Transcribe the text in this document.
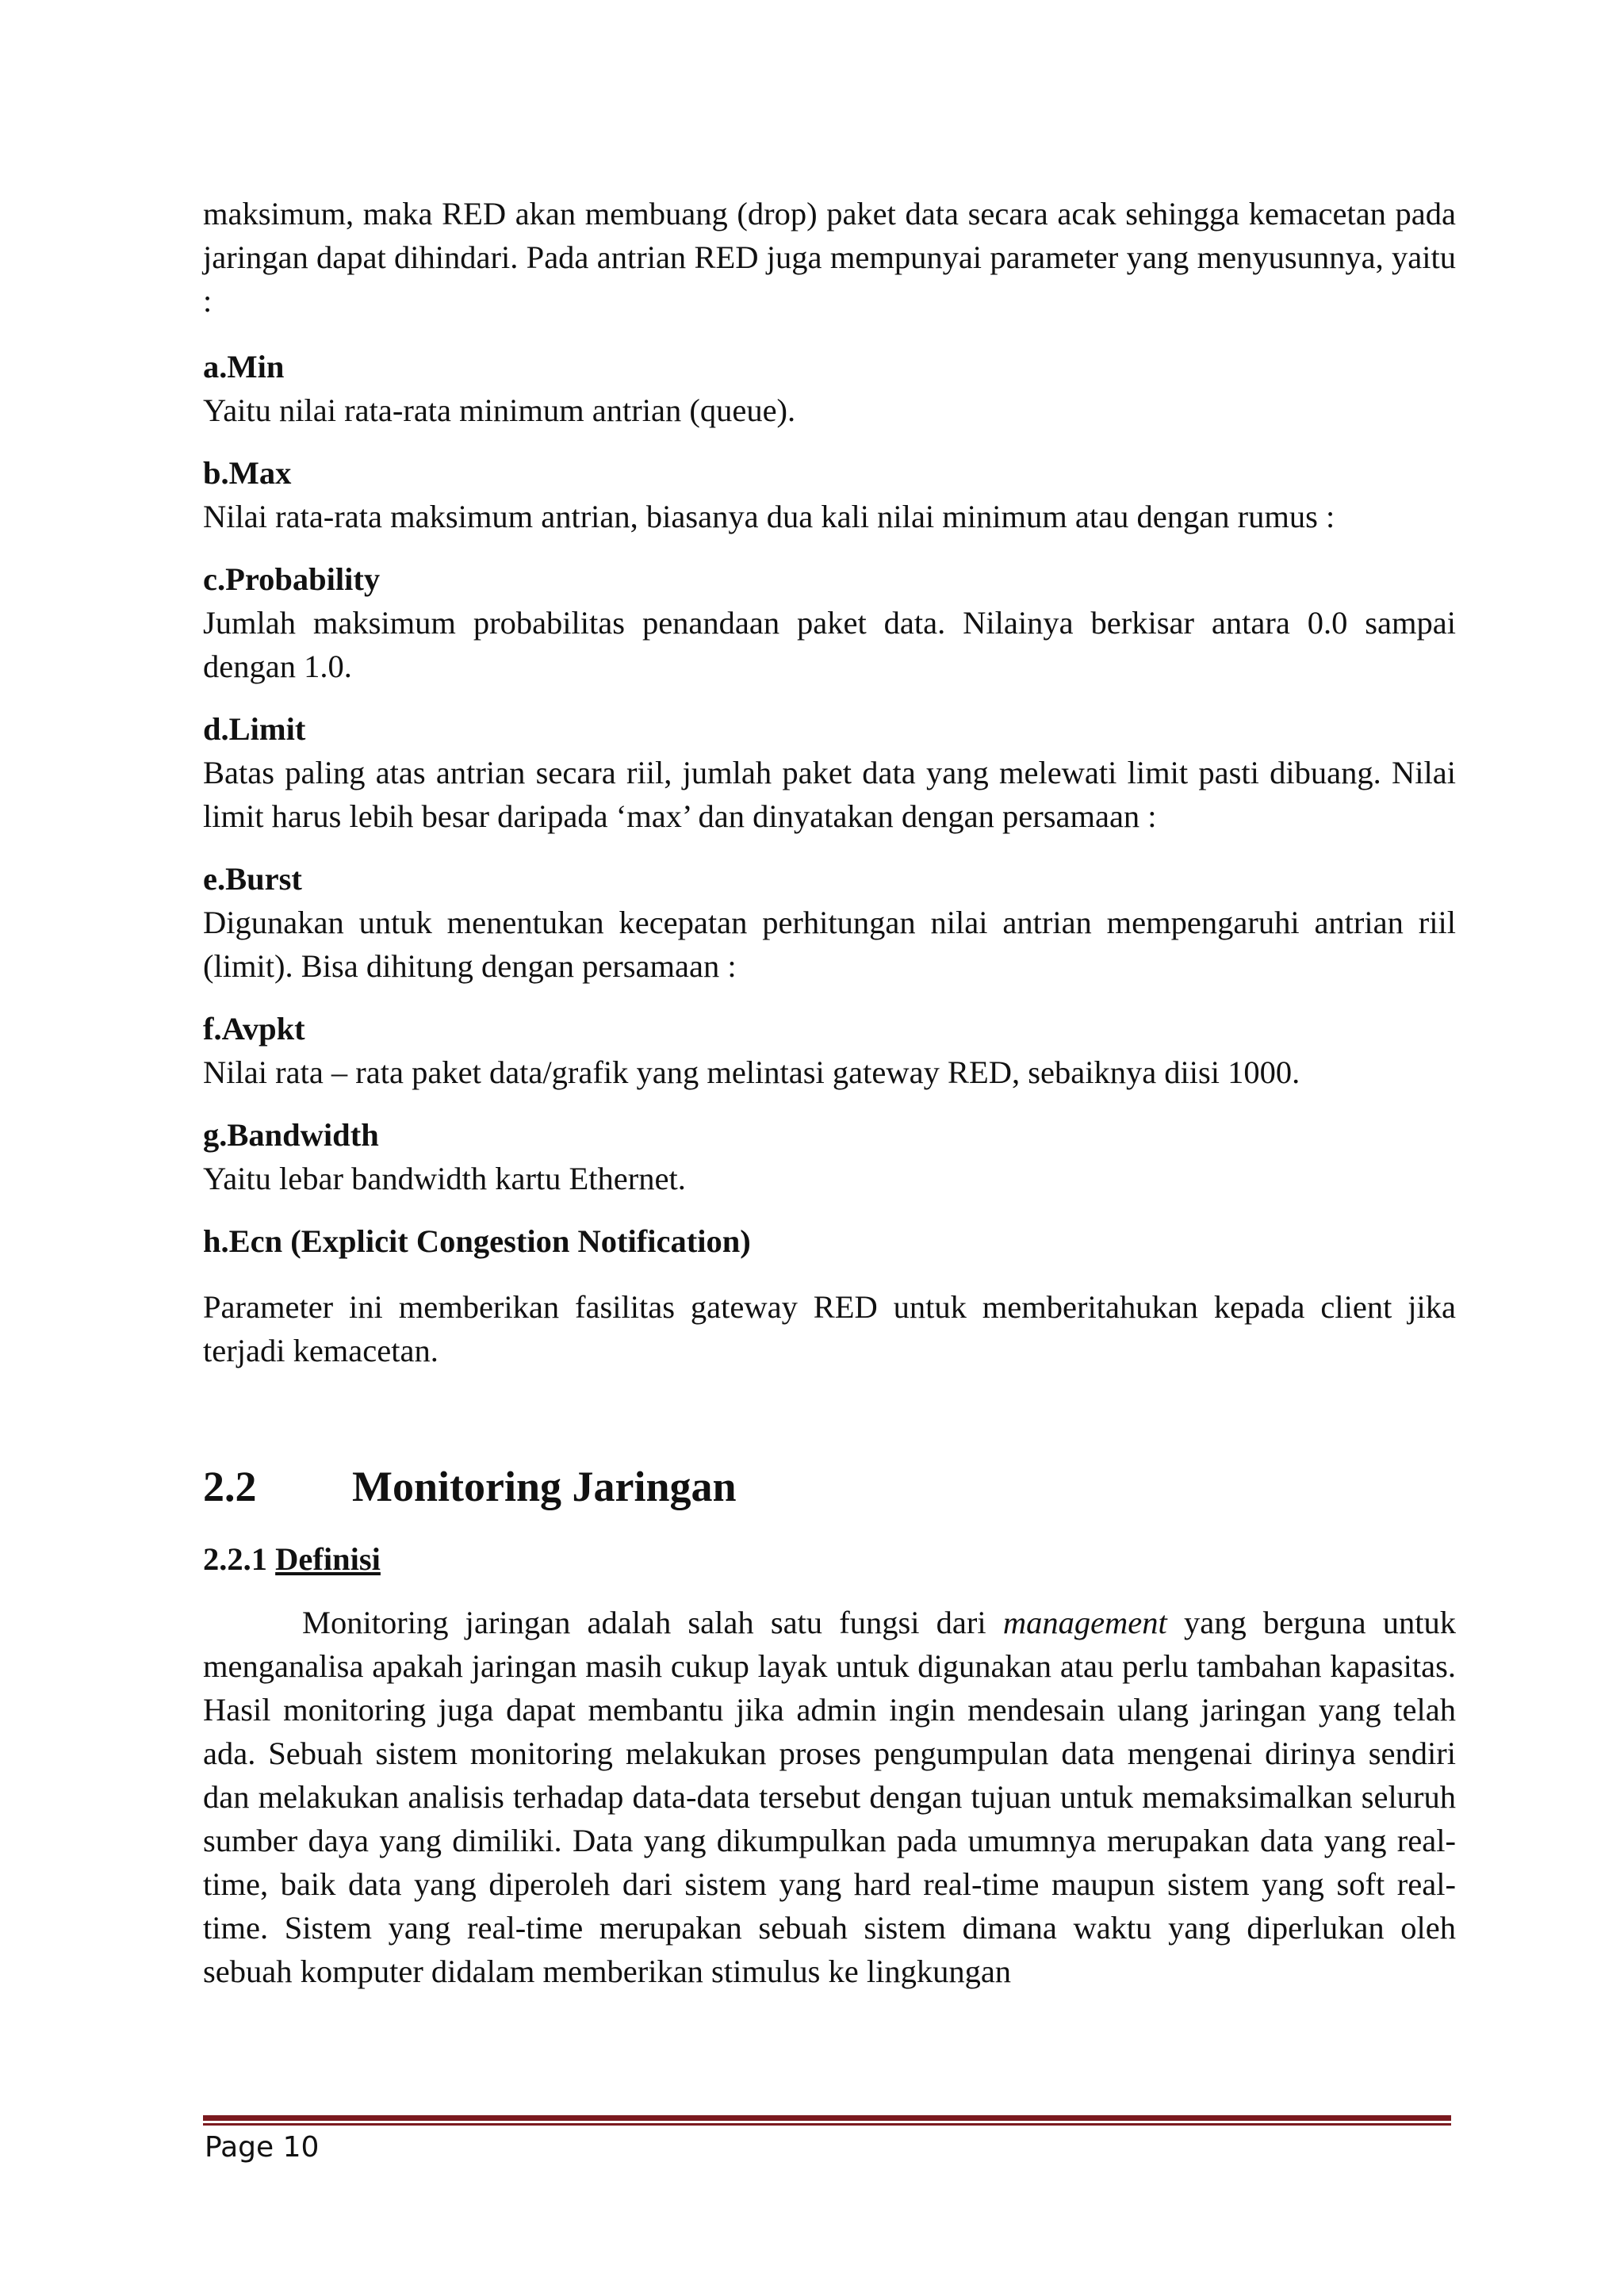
maksimum, maka RED akan membuang (drop) paket data secara acak sehingga kemacetan pada jaringan dapat dihindari. Pada antrian RED juga mempunyai parameter yang menyusunnya, yaitu :

a.Min
Yaitu nilai rata-rata minimum antrian (queue).
b.Max
Nilai rata-rata maksimum antrian, biasanya dua kali nilai minimum atau dengan rumus :
c.Probability
Jumlah maksimum probabilitas penandaan paket data. Nilainya berkisar antara 0.0 sampai dengan 1.0.
d.Limit
Batas paling atas antrian secara riil, jumlah paket data yang melewati limit pasti dibuang. Nilai limit harus lebih besar daripada ‘max’ dan dinyatakan dengan persamaan :
e.Burst
Digunakan untuk menentukan kecepatan perhitungan nilai antrian mempengaruhi antrian riil (limit). Bisa dihitung dengan persamaan :
f.Avpkt
Nilai rata – rata paket data/grafik yang melintasi gateway RED, sebaiknya diisi 1000.
g.Bandwidth
Yaitu lebar bandwidth kartu Ethernet.
h.Ecn (Explicit Congestion Notification)

Parameter ini memberikan fasilitas gateway RED untuk memberitahukan kepada client jika terjadi kemacetan.

2.2	Monitoring Jaringan
2.2.1 Definisi

Monitoring jaringan adalah salah satu fungsi dari management yang berguna untuk menganalisa apakah jaringan masih cukup layak untuk digunakan atau perlu tambahan kapasitas. Hasil monitoring juga dapat membantu jika admin ingin mendesain ulang jaringan yang telah ada. Sebuah sistem monitoring melakukan proses pengumpulan data mengenai dirinya sendiri dan melakukan analisis terhadap data-data tersebut dengan tujuan untuk memaksimalkan seluruh sumber daya yang dimiliki. Data yang dikumpulkan pada umumnya merupakan data yang real-time, baik data yang diperoleh dari sistem yang hard real-time maupun sistem yang soft real-time. Sistem yang real-time merupakan sebuah sistem dimana waktu yang diperlukan oleh sebuah komputer didalam memberikan stimulus ke lingkungan

Page 10
